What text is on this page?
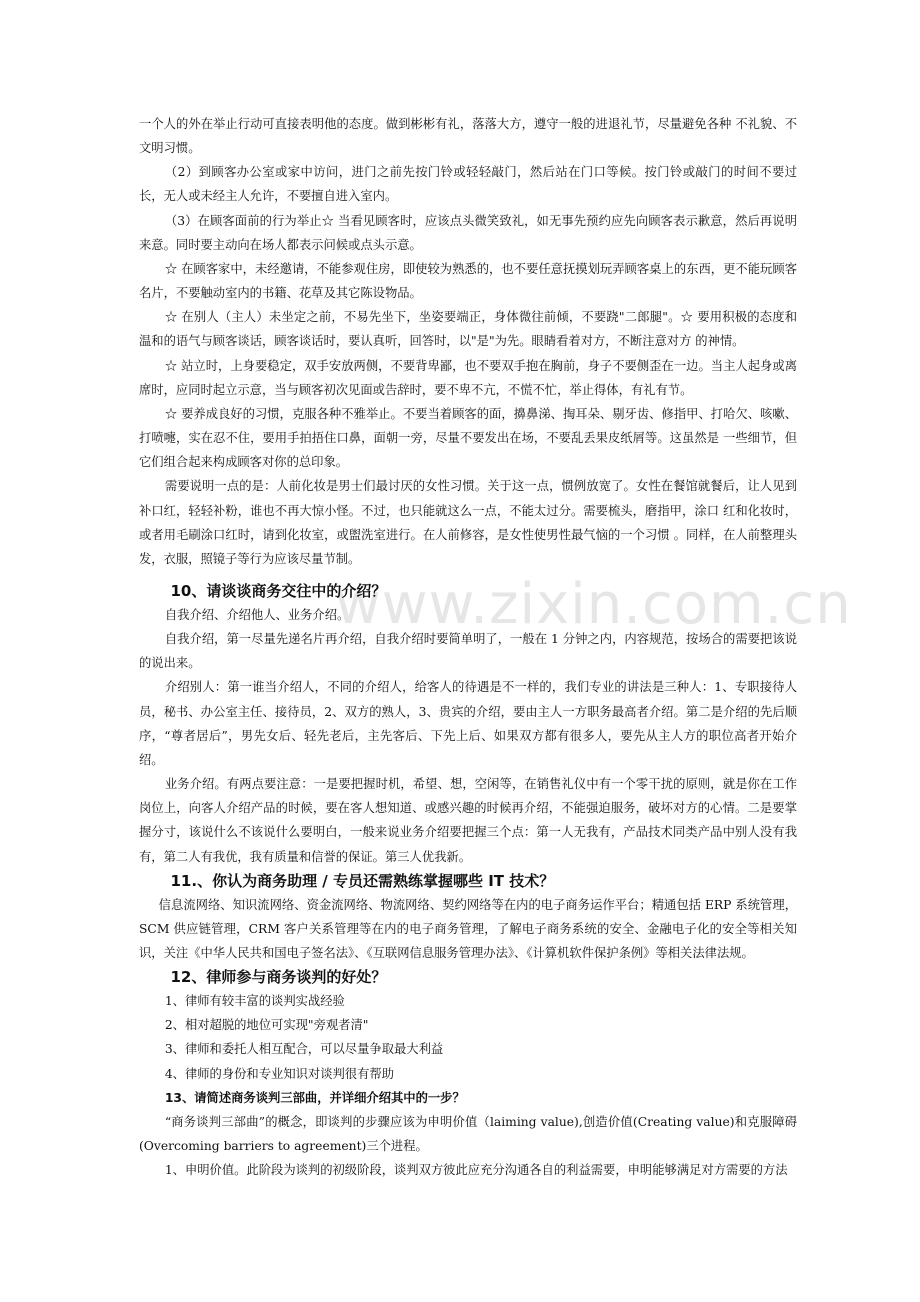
www.zixin.com.cn

一个人的外在举止行动可直接表明他的态度。做到彬彬有礼，落落大方，遵守一般的进退礼节，尽量避免各种 不礼貌、不文明习惯。

（2）到顾客办公室或家中访问，进门之前先按门铃或轻轻敲门，然后站在门口等候。按门铃或敲门的时间不要过长，无人或未经主人允许，不要擅自进入室内。

（3）在顾客面前的行为举止☆ 当看见顾客时，应该点头微笑致礼，如无事先预约应先向顾客表示歉意，然后再说明来意。同时要主动向在场人都表示问候或点头示意。

☆ 在顾客家中，未经邀请，不能参观住房，即使较为熟悉的，也不要任意抚摸划玩弄顾客桌上的东西，更不能玩顾客名片，不要触动室内的书籍、花草及其它陈设物品。

☆ 在别人（主人）未坐定之前，不易先坐下，坐姿要端正，身体微往前倾，不要跷"二郎腿"。☆ 要用积极的态度和温和的语气与顾客谈话，顾客谈话时，要认真听，回答时，以"是"为先。眼睛看着对方，不断注意对方 的神情。

☆ 站立时，上身要稳定，双手安放两侧，不要背卑鄙，也不要双手抱在胸前，身子不要侧歪在一边。当主人起身或离席时，应同时起立示意，当与顾客初次见面或告辞时，要不卑不亢，不慌不忙，举止得体，有礼有节。

☆ 要养成良好的习惯，克服各种不雅举止。不要当着顾客的面，擤鼻涕、掏耳朵、剔牙齿、修指甲、打哈欠、咳嗽、打喷嚏，实在忍不住，要用手拍捂住口鼻，面朝一旁，尽量不要发出在场，不要乱丢果皮纸屑等。这虽然是 一些细节，但它们组合起来构成顾客对你的总印象。

需要说明一点的是：人前化妆是男士们最讨厌的女性习惯。关于这一点，惯例放宽了。女性在餐馆就餐后，让人见到补口红，轻轻补粉，谁也不再大惊小怪。不过，也只能就这么一点，不能太过分。需要梳头，磨指甲，涂口 红和化妆时，或者用毛刷涂口红时，请到化妆室，或盥洗室进行。在人前修容，是女性使男性最气恼的一个习惯 。同样，在人前整理头发，衣服，照镜子等行为应该尽量节制。

10、请谈谈商务交往中的介绍？

自我介绍、介绍他人、业务介绍。

自我介绍，第一尽量先递名片再介绍，自我介绍时要简单明了，一般在 1 分钟之内，内容规范，按场合的需要把该说的说出来。

介绍别人：第一谁当介绍人，不同的介绍人，给客人的待遇是不一样的，我们专业的讲法是三种人：1、专职接待人员，秘书、办公室主任、接待员，2、双方的熟人，3、贵宾的介绍，要由主人一方职务最高者介绍。第二是介绍的先后顺序，“尊者居后”，男先女后、轻先老后，主先客后、下先上后、如果双方都有很多人，要先从主人方的职位高者开始介绍。

业务介绍。有两点要注意：一是要把握时机，希望、想，空闲等，在销售礼仪中有一个零干扰的原则，就是你在工作岗位上，向客人介绍产品的时候，要在客人想知道、或感兴趣的时候再介绍，不能强迫服务，破坏对方的心情。二是要掌握分寸，该说什么不该说什么要明白，一般来说业务介绍要把握三个点：第一人无我有，产品技术同类产品中别人没有我有，第二人有我优，我有质量和信誉的保证。第三人优我新。

11.、你认为商务助理 / 专员还需熟练掌握哪些 IT 技术？

信息流网络、知识流网络、资金流网络、物流网络、契约网络等在内的电子商务运作平台；精通包括 ERP 系统管理，SCM 供应链管理，CRM 客户关系管理等在内的电子商务管理，了解电子商务系统的安全、金融电子化的安全等相关知识，关注《中华人民共和国电子签名法》、《互联网信息服务管理办法》、《计算机软件保护条例》等相关法律法规。

12、律师参与商务谈判的好处？

1、律师有较丰富的谈判实战经验

2、相对超脱的地位可实现"旁观者清"

3、律师和委托人相互配合，可以尽量争取最大利益

4、律师的身份和专业知识对谈判很有帮助

13、请简述商务谈判三部曲，并详细介绍其中的一步？

“商务谈判三部曲”的概念，即谈判的步骤应该为申明价值（laiming value),创造价值(Creating value)和克服障碍(Overcoming barriers to agreement)三个进程。

1、申明价值。此阶段为谈判的初级阶段，谈判双方彼此应充分沟通各自的利益需要，申明能够满足对方需要的方法
